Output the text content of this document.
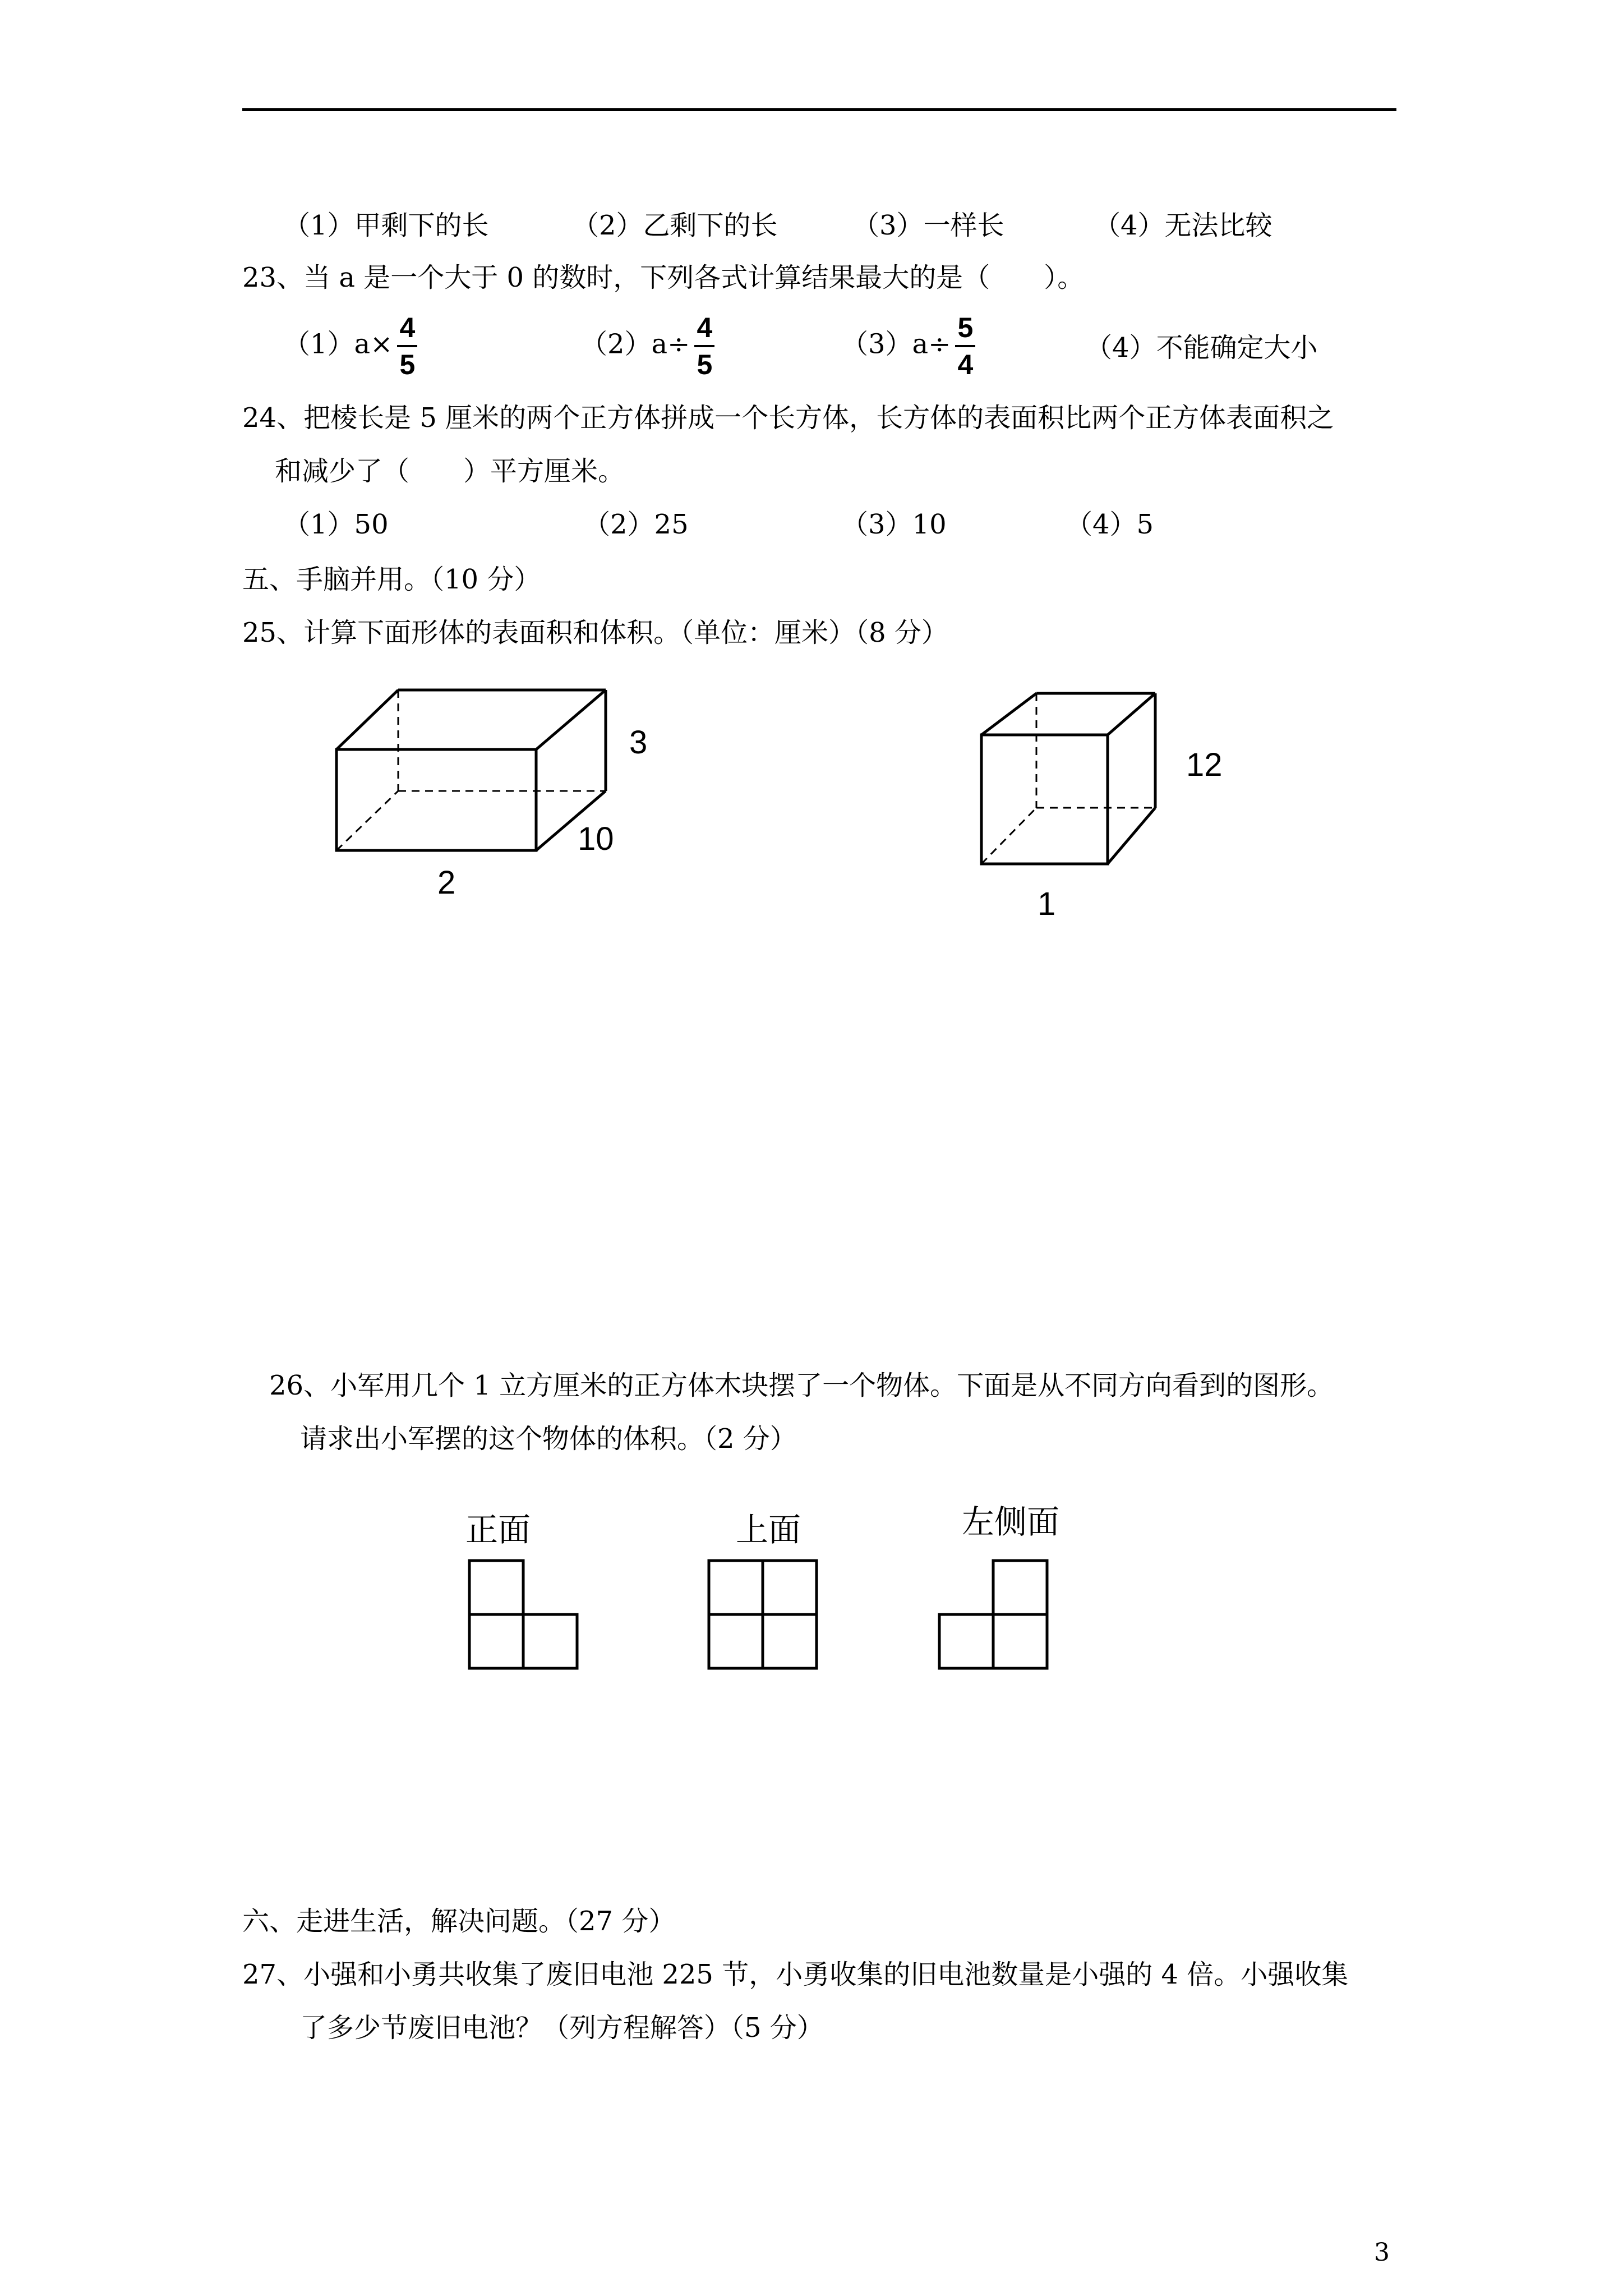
（1）甲剩下的长	（2）乙剩下的长	（3）一样长	（4）无法比较
23、当 a 是一个大于 0 的数时，下列各式计算结果最大的是（　　）。
$(1)a\times \frac{4}{5}$	$(2)a\div \frac{4}{5}$	$(3)a\div \frac{5}{4}$	（4）不能确定大小
24、把棱长是 5 厘米的两个正方体拼成一个长方体，长方体的表面积比两个正方体表面积之
和减少了（　　）平方厘米。
（1）50	（2）25	（3）10	（4）5
五、手脑并用。（10 分）
25、计算下面形体的表面积和体积。（单位：厘米）（8 分）
3
10
2
12
1
26、小军用几个 1 立方厘米的正方体木块摆了一个物体。下面是从不同方向看到的图形。
请求出小军摆的这个物体的体积。（2 分）
正面	上面	左侧面
六、走进生活，解决问题。（27 分）
27、小强和小勇共收集了废旧电池 225 节，小勇收集的旧电池数量是小强的 4 倍。小强收集
了多少节废旧电池？（列方程解答）（5 分）
3
